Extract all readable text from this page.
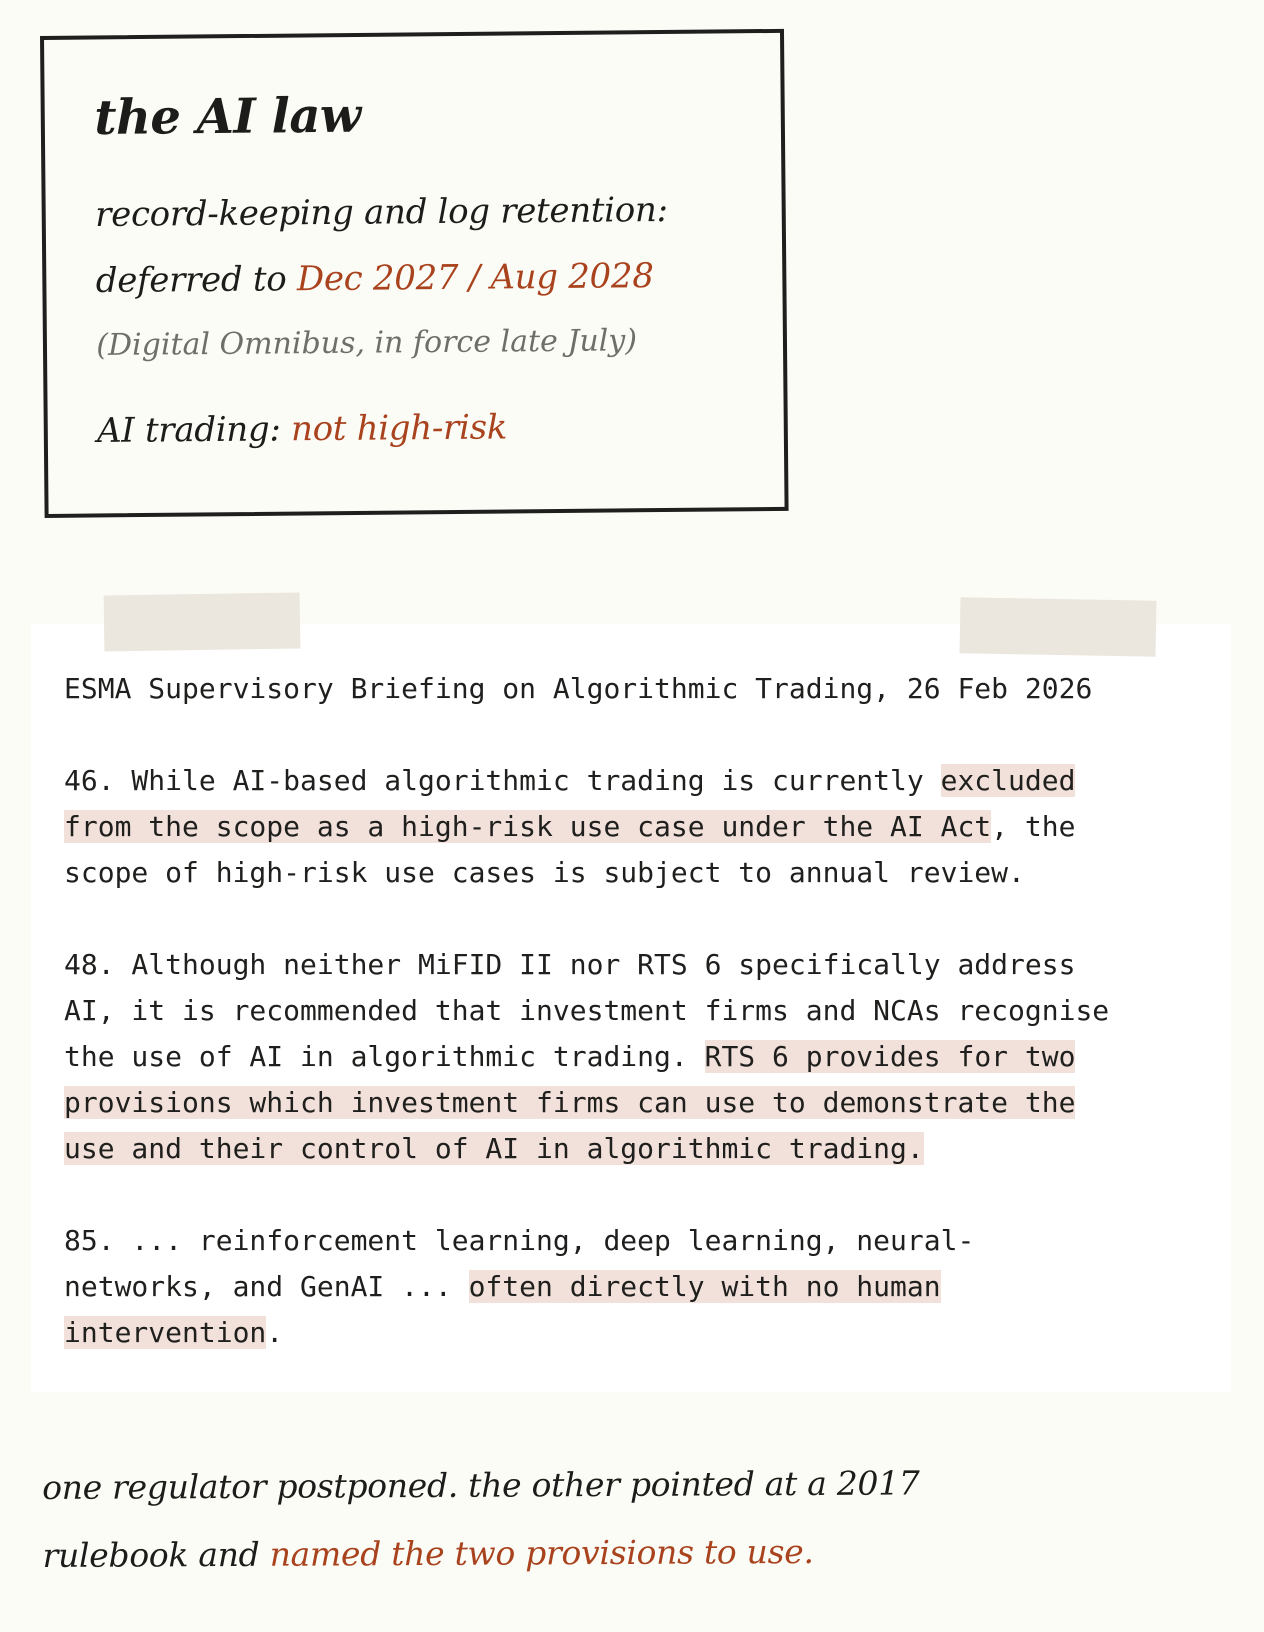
the AI law
record-keeping and log retention:
deferred to Dec 2027 / Aug 2028
(Digital Omnibus, in force late July)
AI trading: not high-risk

ESMA Supervisory Briefing on Algorithmic Trading, 26 Feb 2026

46. While AI-based algorithmic trading is currently excluded

from the scope as a high-risk use case under the AI Act, the

scope of high-risk use cases is subject to annual review.

48. Although neither MiFID II nor RTS 6 specifically address

AI, it is recommended that investment firms and NCAs recognise

the use of AI in algorithmic trading. RTS 6 provides for two

provisions which investment firms can use to demonstrate the

use and their control of AI in algorithmic trading.

85. ... reinforcement learning, deep learning, neural-

networks, and GenAI ... often directly with no human

intervention.

one regulator postponed. the other pointed at a 2017
rulebook and named the two provisions to use.
